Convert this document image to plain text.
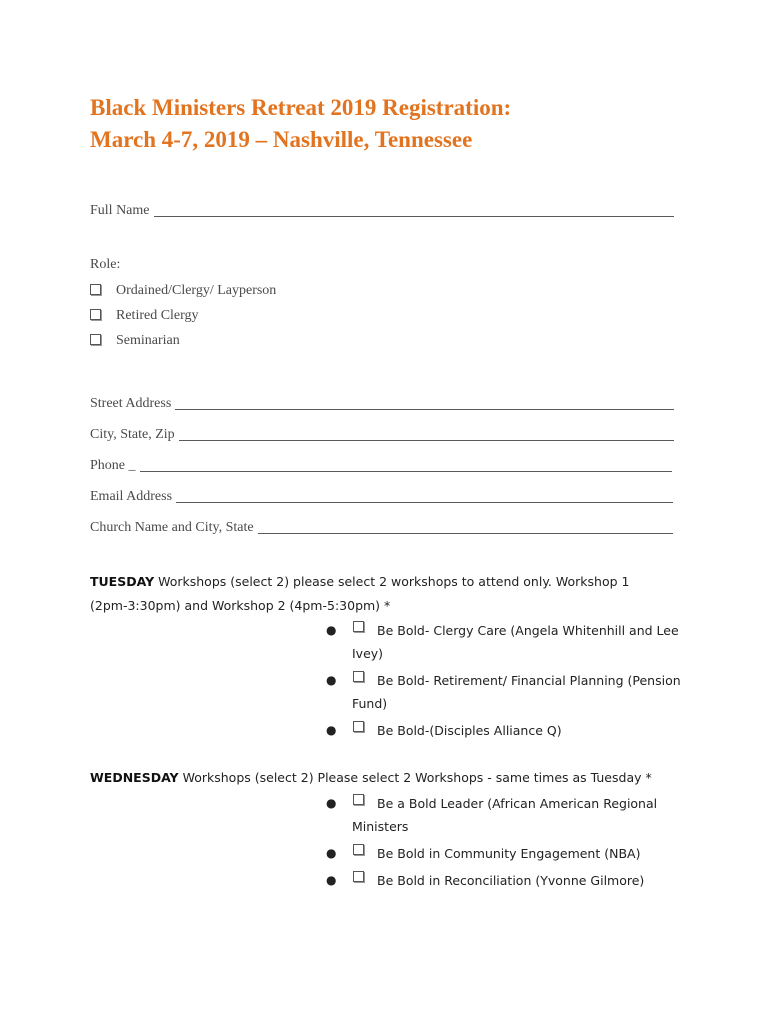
Black Ministers Retreat 2019 Registration:
March 4-7, 2019 – Nashville, Tennessee
Full Name
Role:
Ordained/Clergy/ Layperson
Retired Clergy
Seminarian
Street Address
City, State, Zip
Phone _
Email Address
Church Name and City, State
TUESDAY Workshops (select 2) please select 2 workshops to attend only. Workshop 1 (2pm-3:30pm) and Workshop 2 (4pm-5:30pm) *
●	Be Bold- Clergy Care (Angela Whitenhill and Lee Ivey)
●	Be Bold- Retirement/ Financial Planning (Pension Fund)
●	Be Bold-(Disciples Alliance Q)
WEDNESDAY Workshops (select 2) Please select 2 Workshops - same times as Tuesday *
●	Be a Bold Leader (African American Regional Ministers
●	Be Bold in Community Engagement (NBA)
●	Be Bold in Reconciliation (Yvonne Gilmore)
